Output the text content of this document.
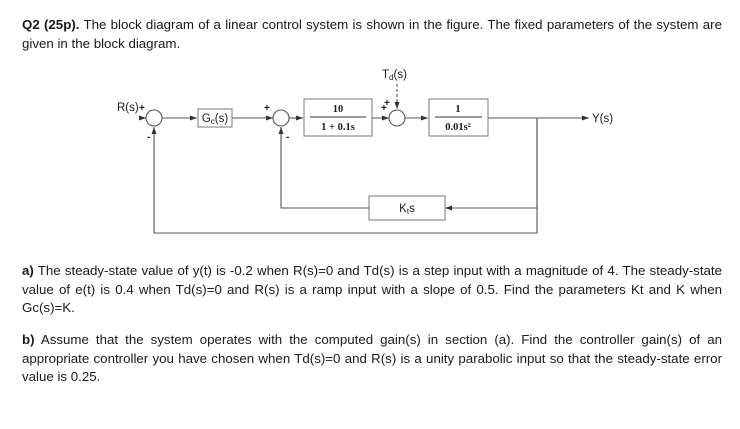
Q2 (25p). The block diagram of a linear control system is shown in the figure. The fixed parameters of the system are given in the block diagram.

+
-
+
-
+
+
Gc(s)
10
1 + 0.1s
1
0.01s²
Kts
R(s)
Y(s)
Td(s)

a) The steady-state value of y(t) is -0.2 when R(s)=0 and Td(s) is a step input with a magnitude of 4. The steady-state value of e(t) is 0.4 when Td(s)=0 and R(s) is a ramp input with a slope of 0.5. Find the parameters Kt and K when Gc(s)=K.

b) Assume that the system operates with the computed gain(s) in section (a). Find the controller gain(s) of an appropriate controller you have chosen when Td(s)=0 and R(s) is a unity parabolic input so that the steady-state error value is 0.25.
